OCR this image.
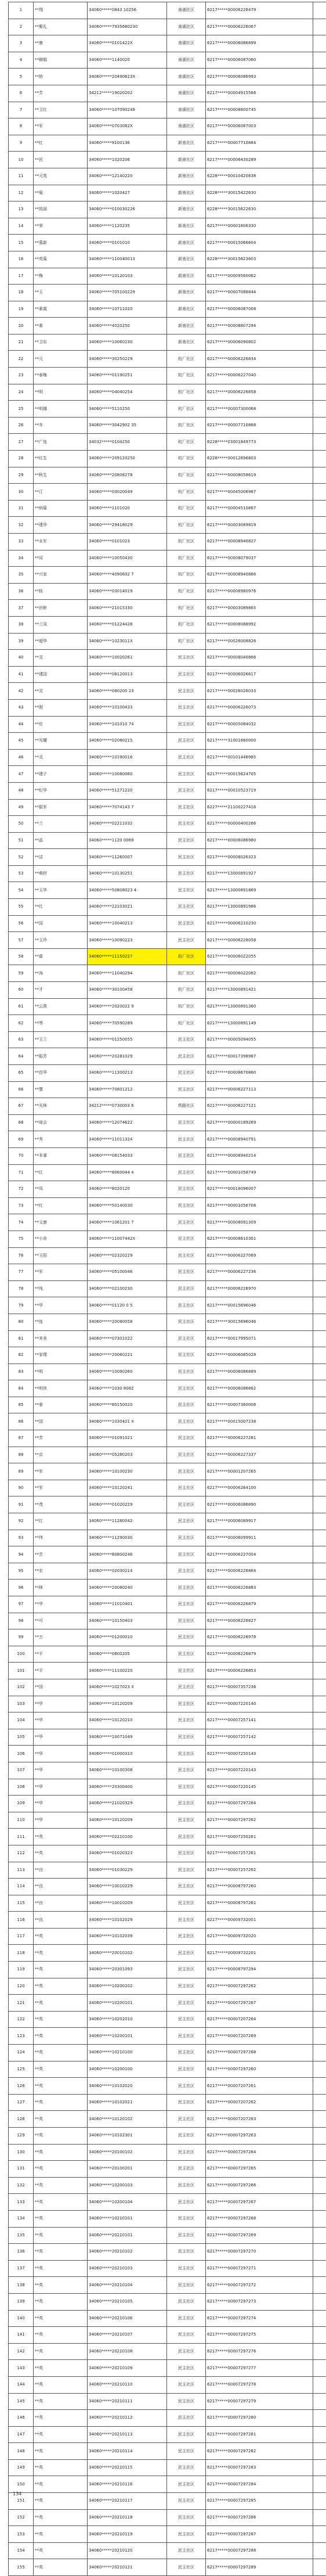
1	**翔	34060*****0843 10256	南湖社区	6217*****00006226479	
2	**聚礼	34060*****7935680230	南湖社区	6217*****00006226067	
3	**康	34060*****0101422X	南湖社区	6217*****00006086899	
4	**卿娟	34060*****1140020	南湖社区	6217*****00006087060	
5	**娇	34060*****20490623X	南湖社区	6217*****00006086993	
6	**芳	34212*****19020202	南湖社区	6217*****00004915566	
7	**卫红	34060*****107090249	南湖社区	6217*****00008600745	
8	**军	34060*****0703082X	南湖社区	6217*****00006087003	
9	**红	34060*****9100136	新南社区	6217*****00007710884	
10	**民	34060*****1020206	新南社区	6217*****00006430289	
11	**元英	34060*****12140220	新南社区	6228*****00010420838	
12	**菊	34060*****1020427	新南社区	6228*****30015422630	
13	**凯丽	34060*****010030226	新南社区	6228*****30015622630	
14	**荣	34060*****1120235	新南社区	6217*****00001606330	
15	**慕新	34060*****0101010	新南社区	6217*****00015066604	
16	**英菊	34060*****110040013	新南社区	6228*****30015623603	
17	**梅	34060*****10120103	新南社区	6217*****00009560062	
18	**玉	34060*****705100229	新南社区	6217*****00007088844	
19	**素霞	34060*****10711020	新南社区	6217*****00006087008	
20	**素	34060*****4020250	新南社区	6217*****00008807294	
21	**卫东	34060*****10060230	新南社区	6217*****00006090802	
22	**元	34060*****30250229	杭厂社区	6217*****00006226834	
23	**春梅	34060*****01190251	杭厂社区	6217*****00006227040	
24	**明	34060*****04040254	杭厂社区	6217*****00006226858	
25	**明娜	34060*****5110250	杭厂社区	6217*****00007300068	
26	**冬	34060*****3042902 35	杭厂社区	6217*****00007710868	
27	**广连	34032*****0104250	杭厂社区	6228*****03001849773	
28	**红生	34060*****209120250	杭厂社区	6228*****00012896803	
29	**秋生	34060*****20808278	杭厂社区	6217*****00008058619	
30	**江	34060*****03020049	杭厂社区	6217*****00045006987	
31	**炳菊	34060*****1101020	杭厂社区	6217*****00004510867	
32	**建华	34060*****29418029	杭厂社区	6217*****00003089819	
33	**永军	34060*****0101023	杭厂社区	6217*****00008940827	
34	**同	34060*****10050430	杭厂社区	6217*****00008079037	
35	**兴家	34060*****4090602 7	杭厂社区	6217*****00008940866	
36	**桂	34060*****03014019	杭厂社区	6217*****00008980976	
37	**世彬	34060*****21015330	杭厂社区	6217*****00003089865	
38	**兰凤	34060*****01224428	杭厂社区	6217*****00008088992	
39	**超华	34060*****1023011X	杭厂社区	6217*****00026008826	
40	**灵	34060*****10020261	民主社区	6217*****00008040866	
41	**建国	34060*****08120013	民主社区	6217*****00006026617	
42	**灵	34060*****080200 23	民主社区	6217*****00026026033	
43	**刚	34060*****10100433	民主社区	6217*****00006226073	
44	**伦	34060*****101010 74	民主社区	6217*****00005084032	
45	**光耀	34060*****02080215	民主社区	6217*****31001660000	
46	**灵	34060*****10190016	民主社区	6217*****00101446985	
47	**建子	34060*****10080060	民主社区	6217*****00015624705	
48	**纪华	34060*****51271220	民主社区	6217*****00010523719	
49	**振军	34060*****7074143 7	民主社区	6227*****21100227416	
50	**兰	34060*****02211032	民主社区	6217*****00000400266	
51	**晶	34060*****1120 0069	民主社区	6217*****00006086980	
52	**洁	34060*****11260007	民主社区	6217*****00008026323	
53	**萌材	34060*****10130251	民主社区	6217*****13000891927	
54	**玉华	34060*****50808023 4	民主社区	6217*****13000891869	
55	**红	34060*****22103021	民主社区	6217*****13000891986	
56	**国	34060*****10040213	民主社区	6217*****00006210230	
57	**玉玲	34060*****10090223	民主社区	6217*****00006228058	
58	**霖	34060*****11150227	杭厂社区	6217*****00006022055	
59	**涛	34060*****11040294	杭厂社区	6217*****00006022062	
60	**才	34060*****30100458	杭厂社区	6217*****13000891421	
61	**云燕	34060*****2020022 9	杭厂社区	6217*****13000891360	
62	**琴	34060*****70590289	杭厂社区	6217*****13000891149	
63	**玉兰	34060*****01250055	民主社区	6217*****00005094055	
64	**振芳	34060*****20281029	民主社区	6217*****00017398987	
65	**昌华	34060*****11300213	民主社区	6217*****00008670860	
66	**慧	34060*****70801212	民主社区	6217*****00006227113	
67	**光林	34212*****0730003 6	铁路社区	6217*****00006227121	
68	**琼会	34060*****12074622	民主社区	6217*****00000189269	
69	**秀	34060*****11011324	民主社区	6217*****00008940791	
70	**本睿	34060*****08154033	民主社区	6217*****00008940214	
71	**红	34060*****8060044 4	民主社区	6217*****00001058749	
72	**凤	34060*****8020120	民主社区	6217*****00018096007	
73	**红	34060*****50140030	民主社区	6217*****00001056708	
74	**文康	34060*****1061201 7	民主社区	6217*****00008091309	
75	**小余	34060*****11007442X	民主社区	6217*****00008610301	
76	**王阳	34060*****02320229	民主社区	6217*****00006227069	
77	**军	34060*****05100046	民主社区	6217*****00006227236	
78	**纯	34060*****02100230	民主社区	6217*****00006226970	
79	**华	34060*****01120 0 5	民主社区	6217*****00015696046	
80	**连	34060*****20080058	民主社区	6217*****30015696046	
81	**其美	34060*****07301022	民主社区	6217*****00017995071	
82	**家理	34060*****20060221	民主社区	6217*****00006085028	
83	**明	34060*****10090260	民主社区	6217*****00006086889	
84	**明侠	34060*****1030 8062	民主社区	6217*****00006086862	
85	**春	34060*****80150020	民主社区	6217*****00007360006	
86	**国	34060*****1030421 X	民主社区	6217*****00015007238	
87	**芳	34060*****01091021	民主社区	6217*****00006227281	
88	**京	34060*****05280203	民主社区	6217*****00006227337	
89	**军	34060*****10100230	民主社区	6217*****00001207265	
90	**军	34060*****10120241	民主社区	6217*****00006264100	
91	**茂	34060*****01020229	民主社区	6217*****00006086890	
92	**红	34060*****11280042	民主社区	6217*****00006089917	
93	**伟	34060*****11290030	民主社区	6217*****00006099911	
94	**芸	34060*****80800246	民主社区	6217*****00006227004	
95	**宏	34060*****02030214	民主社区	6217*****00006226864	
96	**林	34060*****20080240	民主社区	6217*****00006226883	
97	**华	34060*****11010401	民主社区	6217*****00006226879	
98	**可	34060*****10150403	民主社区	6217*****00006226827	
99	**万	34060*****01200010	民主社区	6217*****00006226978	
100	**平	34060*****0800205	民主社区	6217*****00006226879	
101	**平	34060*****11100220	民主社区	6217*****00006226853	
102	**国	34060*****1027023 X	民主社区	6217*****00007357236	
103	**华	34060*****10120209	民主社区	6217*****00007220140	
104	**华	34060*****10120210	民主社区	6217*****00007257141	
105	**华	34060*****10071049	民主社区	6217*****00007257142	
106	**华	34060*****01000310	民主社区	6217*****00007250143	
107	**华	34060*****10100308	民主社区	6217*****00007220143	
108	**华	34060*****20300400	民主社区	6217*****00007220145	
109	**华	34060*****21020329	民主社区	6217*****00007297264	
110	**华	34060*****10120209	民主社区	6217*****00007297262	
111	**英	34060*****02210100	民主社区	6217*****00007250261	
112	**英	34060*****01020323	民主社区	6217*****00007257261	
113	**良	34060*****01030229	民主社区	6217*****00007257262	
114	**良	34060*****10010229	民主社区	6217*****00008797260	
115	**良	34060*****10010209	民主社区	6217*****00008797261	
116	**良	34060*****10102029	民主社区	6217*****00009732001	
117	**英	34060*****10102039	民主社区	6217*****00009732020	
118	**英	34060*****20010102	民主社区	6217*****00009732201	
119	**英	34060*****20301093	民主社区	6217*****00008797294	
120	**英	34060*****10200102	民主社区	6217*****00007297262	
121	**英	34060*****10200101	民主社区	6217*****00007297267	
122	**英	34060*****10202010	民主社区	6217*****00007207264	
123	**英	34060*****10200101	民主社区	6217*****00007207269	
124	**英	34060*****10210100	民主社区	6217*****00007297268	
125	**英	34060*****10200100	民主社区	6217*****00007297260	
126	**英	34060*****10102020	民主社区	6217*****00007207261	
127	**英	34060*****10102021	民主社区	6217*****00007207262	
128	**英	34060*****10120102	民主社区	6217*****00007207263	
129	**英	34060*****10102301	民主社区	6217*****00007297263	
130	**英	34060*****20100102	民主社区	6217*****00007297264	
131	**英	34060*****20100201	民主社区	6217*****00007297265	
132	**英	34060*****10200103	民主社区	6217*****00007297266	
133	**英	34060*****10200104	民主社区	6217*****00007297267	
134	**英	34060*****10210101	民主社区	6217*****00007297268	
135	**英	34060*****20210101	民主社区	6217*****00007297269	
136	**英	34060*****20210102	民主社区	6217*****00007297270	
137	**英	34060*****20210103	民主社区	6217*****00007297271	
138	**英	34060*****20210104	民主社区	6217*****00007297272	
139	**英	34060*****20210105	民主社区	6217*****00007297273	
140	**英	34060*****20210106	民主社区	6217*****00007297274	
141	**英	34060*****20210107	民主社区	6217*****00007297275	
142	**英	34060*****20210108	民主社区	6217*****00007297276	
143	**英	34060*****20210109	民主社区	6217*****00007297277	
144	**英	34060*****20210110	民主社区	6217*****00007297278	
145	**英	34060*****20210111	民主社区	6217*****00007297279	
146	**英	34060*****20210112	民主社区	6217*****00007297280	
147	**英	34060*****20210113	民主社区	6217*****00007297281	
148	**英	34060*****20210114	民主社区	6217*****00007297282	
149	**英	34060*****20210115	民主社区	6217*****00007297283	
150	**英	34060*****20210116	民主社区	6217*****00007297284	
151	**英	34060*****20210117	民主社区	6217*****00007297285	
152	**英	34060*****20210118	民主社区	6217*****00007297286	
153	**英	34060*****20210119	民主社区	6217*****00007297287	
154	**英	34060*****20210120	民主社区	6217*****00007297288	
155	**英	34060*****20210121	民主社区	6217*****00007297289	
134
